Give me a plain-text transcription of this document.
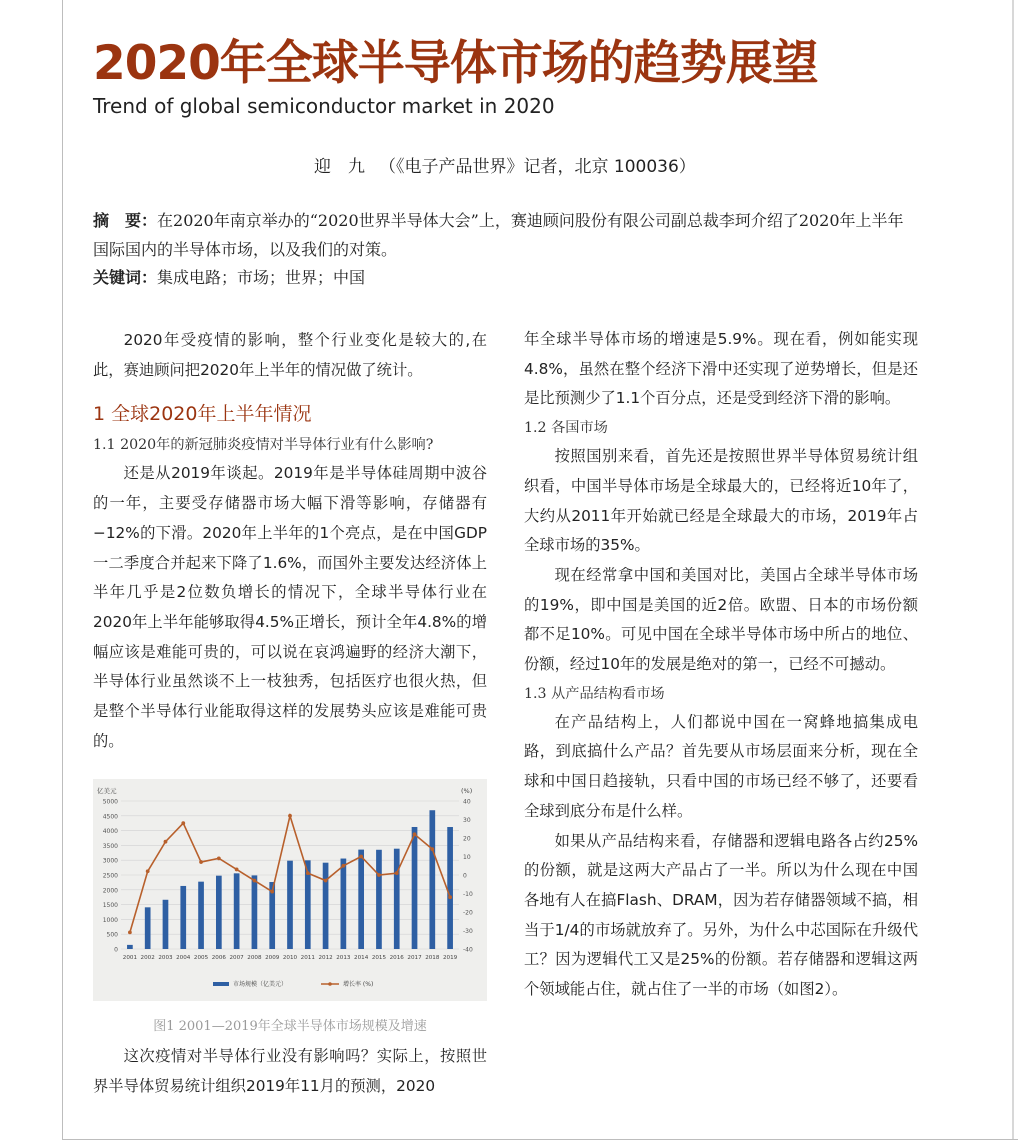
2020年全球半导体市场的趋势展望
Trend of global semiconductor market in 2020
迎　九 （《电子产品世界》记者，北京 100036）
摘　要：在2020年南京举办的“2020世界半导体大会”上，赛迪顾问股份有限公司副总裁李珂介绍了2020年上半年国际国内的半导体市场，以及我们的对策。
关键词：集成电路；市场；世界；中国

2020年受疫情的影响，整个行业变化是较大的,在此，赛迪顾问把2020年上半年的情况做了统计。

1 全球2020年上半年情况
1.1 2020年的新冠肺炎疫情对半导体行业有什么影响?

还是从2019年谈起。2019年是半导体硅周期中波谷的一年，主要受存储器市场大幅下滑等影响，存储器有−12%的下滑。2020年上半年的1个亮点，是在中国GDP一二季度合并起来下降了1.6%，而国外主要发达经济体上半年几乎是2位数负增长的情况下，全球半导体行业在2020年上半年能够取得4.5%正增长，预计全年4.8%的增幅应该是难能可贵的，可以说在哀鸿遍野的经济大潮下，半导体行业虽然谈不上一枝独秀，包括医疗也很火热，但是整个半导体行业能取得这样的发展势头应该是难能可贵的。

5000
4500
4000
3500
3000
2500
2000
1500
1000
500
0
40
30
20
10
0
-10
-20
-30
-40
亿美元	(%)
2001 2002 2003 2004 2005 2006 2007 2008 2009 2010 2011 2012 2013 2014 2015 2016 2017 2018 2019
市场规模（亿美元）	增长率 (%)
图1 2001—2019年全球半导体市场规模及增速

这次疫情对半导体行业没有影响吗？实际上，按照世界半导体贸易统计组织2019年11月的预测，2020

年全球半导体市场的增速是5.9%。现在看，例如能实现4.8%，虽然在整个经济下滑中还实现了逆势增长，但是还是比预测少了1.1个百分点，还是受到经济下滑的影响。

1.2 各国市场

按照国别来看，首先还是按照世界半导体贸易统计组织看，中国半导体市场是全球最大的，已经将近10年了，大约从2011年开始就已经是全球最大的市场，2019年占全球市场的35%。

现在经常拿中国和美国对比，美国占全球半导体市场的19%，即中国是美国的近2倍。欧盟、日本的市场份额都不足10%。可见中国在全球半导体市场中所占的地位、份额，经过10年的发展是绝对的第一，已经不可撼动。

1.3 从产品结构看市场

在产品结构上，人们都说中国在一窝蜂地搞集成电路，到底搞什么产品？首先要从市场层面来分析，现在全球和中国日趋接轨，只看中国的市场已经不够了，还要看全球到底分布是什么样。

如果从产品结构来看，存储器和逻辑电路各占约25%的份额，就是这两大产品占了一半。所以为什么现在中国各地有人在搞Flash、DRAM，因为若存储器领域不搞，相当于1/4的市场就放弃了。另外，为什么中芯国际在升级代工？因为逻辑代工又是25%的份额。若存储器和逻辑这两个领域能占住，就占住了一半的市场（如图2）。
